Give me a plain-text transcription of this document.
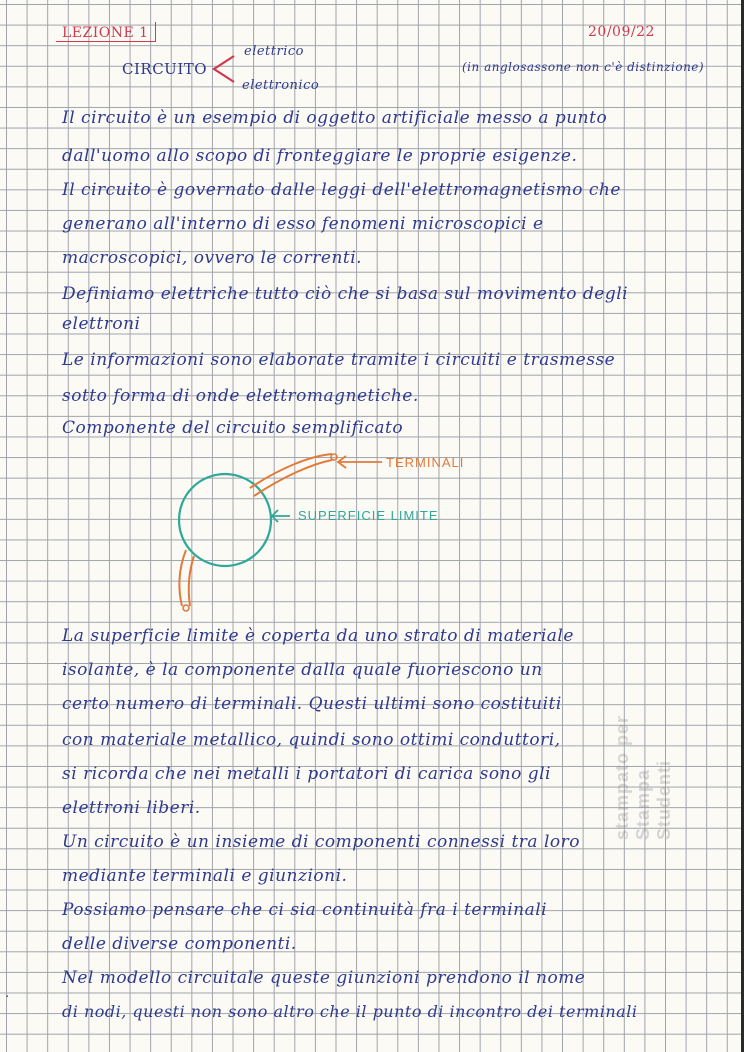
LEZIONE 1	20/09/22
CIRCUITO
elettrico
elettronico
(in anglosassone non c'è distinzione)
Il circuito è un esempio di oggetto artificiale messo a punto
dall'uomo allo scopo di fronteggiare le proprie esigenze.
Il circuito è governato dalle leggi dell'elettromagnetismo che
generano all'interno di esso fenomeni microscopici e
macroscopici, ovvero le correnti.
Definiamo elettriche tutto ciò che si basa sul movimento degli
elettroni
Le informazioni sono elaborate tramite i circuiti e trasmesse
sotto forma di onde elettromagnetiche.
Componente del circuito semplificato
TERMINALI
SUPERFICIE LIMITE
La superficie limite è coperta da uno strato di materiale
isolante, è la componente dalla quale fuoriescono un
certo numero di terminali. Questi ultimi sono costituiti
con materiale metallico, quindi sono ottimi conduttori,
si ricorda che nei metalli i portatori di carica sono gli
elettroni liberi.
Un circuito è un insieme di componenti connessi tra loro
mediante terminali e giunzioni.
Possiamo pensare che ci sia continuità fra i terminali
delle diverse componenti.
Nel modello circuitale queste giunzioni prendono il nome
di nodi, questi non sono altro che il punto di incontro dei terminali
stampato per Stampa Studenti
·
